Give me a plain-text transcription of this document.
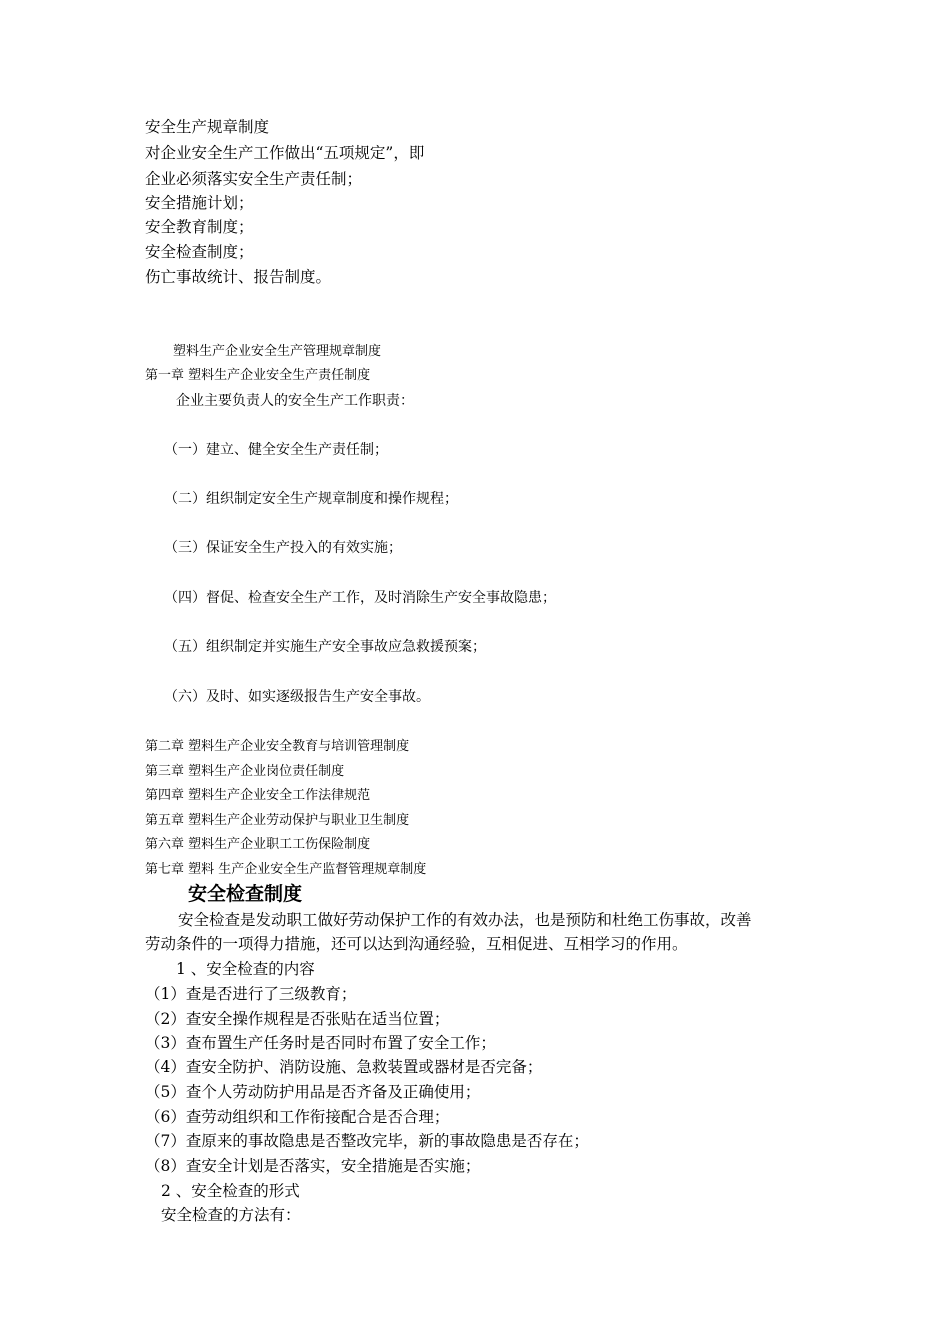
安全生产规章制度
对企业安全生产工作做出“五项规定”，即
企业必须落实安全生产责任制；
安全措施计划；
安全教育制度；
安全检查制度；
伤亡事故统计、报告制度。
塑料生产企业安全生产管理规章制度
第一章 塑料生产企业安全生产责任制度
企业主要负责人的安全生产工作职责：
（一）建立、健全安全生产责任制；
（二）组织制定安全生产规章制度和操作规程；
（三）保证安全生产投入的有效实施；
（四）督促、检查安全生产工作，及时消除生产安全事故隐患；
（五）组织制定并实施生产安全事故应急救援预案；
（六）及时、如实逐级报告生产安全事故。
第二章 塑料生产企业安全教育与培训管理制度
第三章 塑料生产企业岗位责任制度
第四章 塑料生产企业安全工作法律规范
第五章 塑料生产企业劳动保护与职业卫生制度
第六章 塑料生产企业职工工伤保险制度
第七章 塑料 生产企业安全生产监督管理规章制度
安全检查制度
安全检查是发动职工做好劳动保护工作的有效办法，也是预防和杜绝工伤事故，改善
劳动条件的一项得力措施，还可以达到沟通经验，互相促进、互相学习的作用。
1 、安全检查的内容
（1）查是否进行了三级教育；
（2）查安全操作规程是否张贴在适当位置；
（3）查布置生产任务时是否同时布置了安全工作；
（4）查安全防护、消防设施、急救装置或器材是否完备；
（5）查个人劳动防护用品是否齐备及正确使用；
（6）查劳动组织和工作衔接配合是否合理；
（7）查原来的事故隐患是否整改完毕，新的事故隐患是否存在；
（8）查安全计划是否落实，安全措施是否实施；
2 、安全检查的形式
安全检查的方法有：
